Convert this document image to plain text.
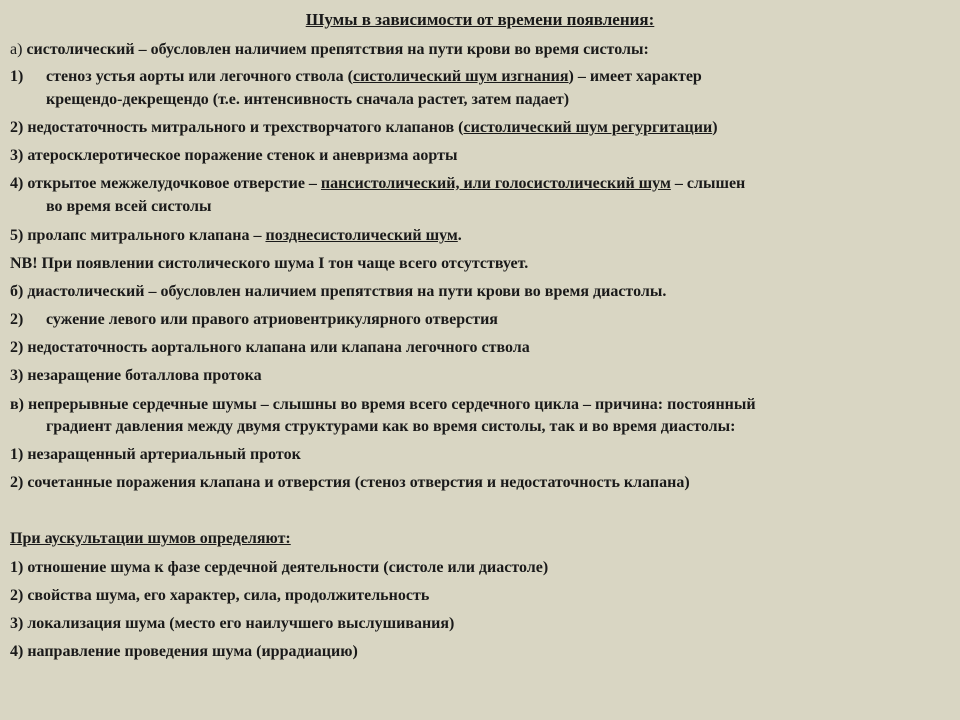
Шумы в зависимости от времени появления:
а) систолический – обусловлен наличием препятствия на пути крови во время систолы:
1) стеноз устья аорты или легочного ствола (систолический шум изгнания) – имеет характер
крещендо-декрещендо (т.е. интенсивность сначала растет, затем падает)
2) недостаточность митрального и трехстворчатого клапанов (систолический шум регургитации)
3) атеросклеротическое поражение стенок и аневризма аорты
4) открытое межжелудочковое отверстие – пансистолический, или голосистолический шум – слышен
во время всей систолы
5) пролапс митрального клапана – позднесистолический шум.
NB! При появлении систолического шума I тон чаще всего отсутствует.
б) диастолический – обусловлен наличием препятствия на пути крови во время диастолы.
2) сужение левого или правого атриовентрикулярного отверстия
2) недостаточность аортального клапана или клапана легочного ствола
3) незаращение боталлова протока
в) непрерывные сердечные шумы – слышны во время всего сердечного цикла – причина: постоянный
градиент давления между двумя структурами как во время систолы, так и во время диастолы:
1) незаращенный артериальный проток
2) сочетанные поражения клапана и отверстия (стеноз отверстия и недостаточность клапана)
При аускультации шумов определяют:
1) отношение шума к фазе сердечной деятельности (систоле или диастоле)
2) свойства шума, его характер, сила, продолжительность
3) локализация шума (место его наилучшего выслушивания)
4) направление проведения шума (иррадиацию)
